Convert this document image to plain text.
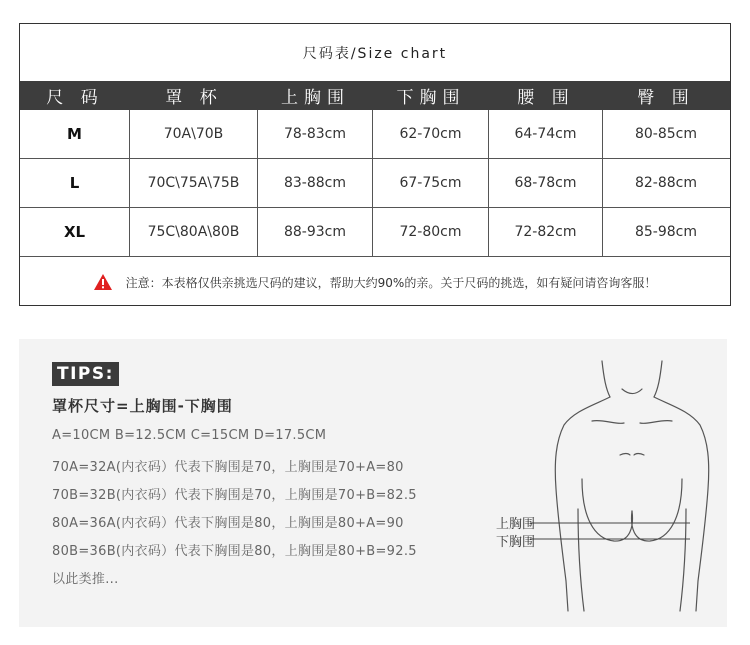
尺码表/Size chart
尺 码	罩 杯	上胸围	下胸围	腰 围	臀 围
M	70A\70B	78-83cm	62-70cm	64-74cm	80-85cm
L	70C\75A\75B	83-88cm	67-75cm	68-78cm	82-88cm
XL	75C\80A\80B	88-93cm	72-80cm	72-82cm	85-98cm
注意：本表格仅供亲挑选尺码的建议，帮助大约90%的亲。关于尺码的挑选，如有疑问请咨询客服！
TIPS:
罩杯尺寸=上胸围-下胸围
A=10CM B=12.5CM C=15CM D=17.5CM
70A=32A(内衣码）代表下胸围是70，上胸围是70+A=80
70B=32B(内衣码）代表下胸围是70，上胸围是70+B=82.5
80A=36A(内衣码）代表下胸围是80，上胸围是80+A=90
80B=36B(内衣码）代表下胸围是80，上胸围是80+B=92.5
以此类推...
上胸围
下胸围
